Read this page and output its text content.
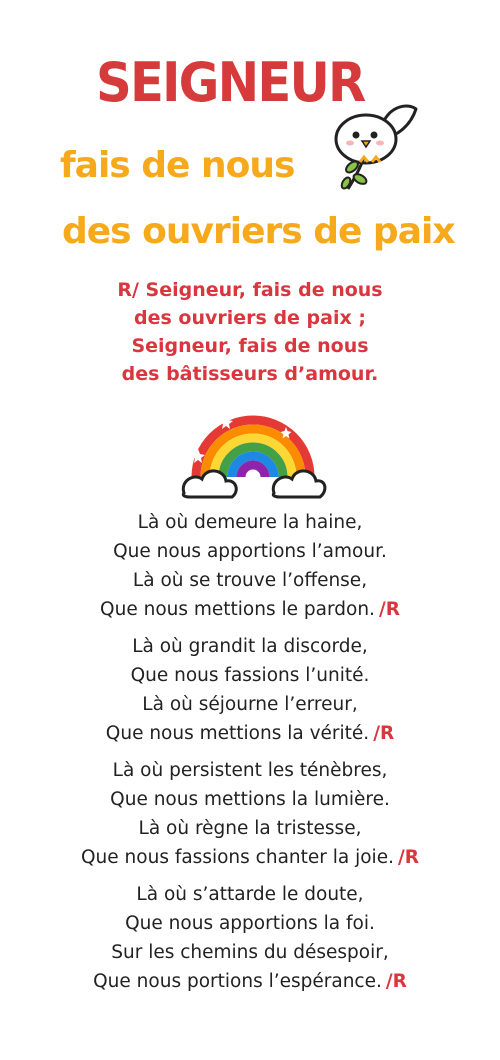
SEIGNEUR
fais de nous
des ouvriers de paix
R/ Seigneur, fais de nous
des ouvriers de paix ;
Seigneur, fais de nous
des bâtisseurs d’amour.
Là où demeure la haine,
Que nous apportions l’amour.
Là où se trouve l’offense,
Que nous mettions le pardon. /R
Là où grandit la discorde,
Que nous fassions l’unité.
Là où séjourne l’erreur,
Que nous mettions la vérité. /R
Là où persistent les ténèbres,
Que nous mettions la lumière.
Là où règne la tristesse,
Que nous fassions chanter la joie. /R
Là où s’attarde le doute,
Que nous apportions la foi.
Sur les chemins du désespoir,
Que nous portions l’espérance. /R
